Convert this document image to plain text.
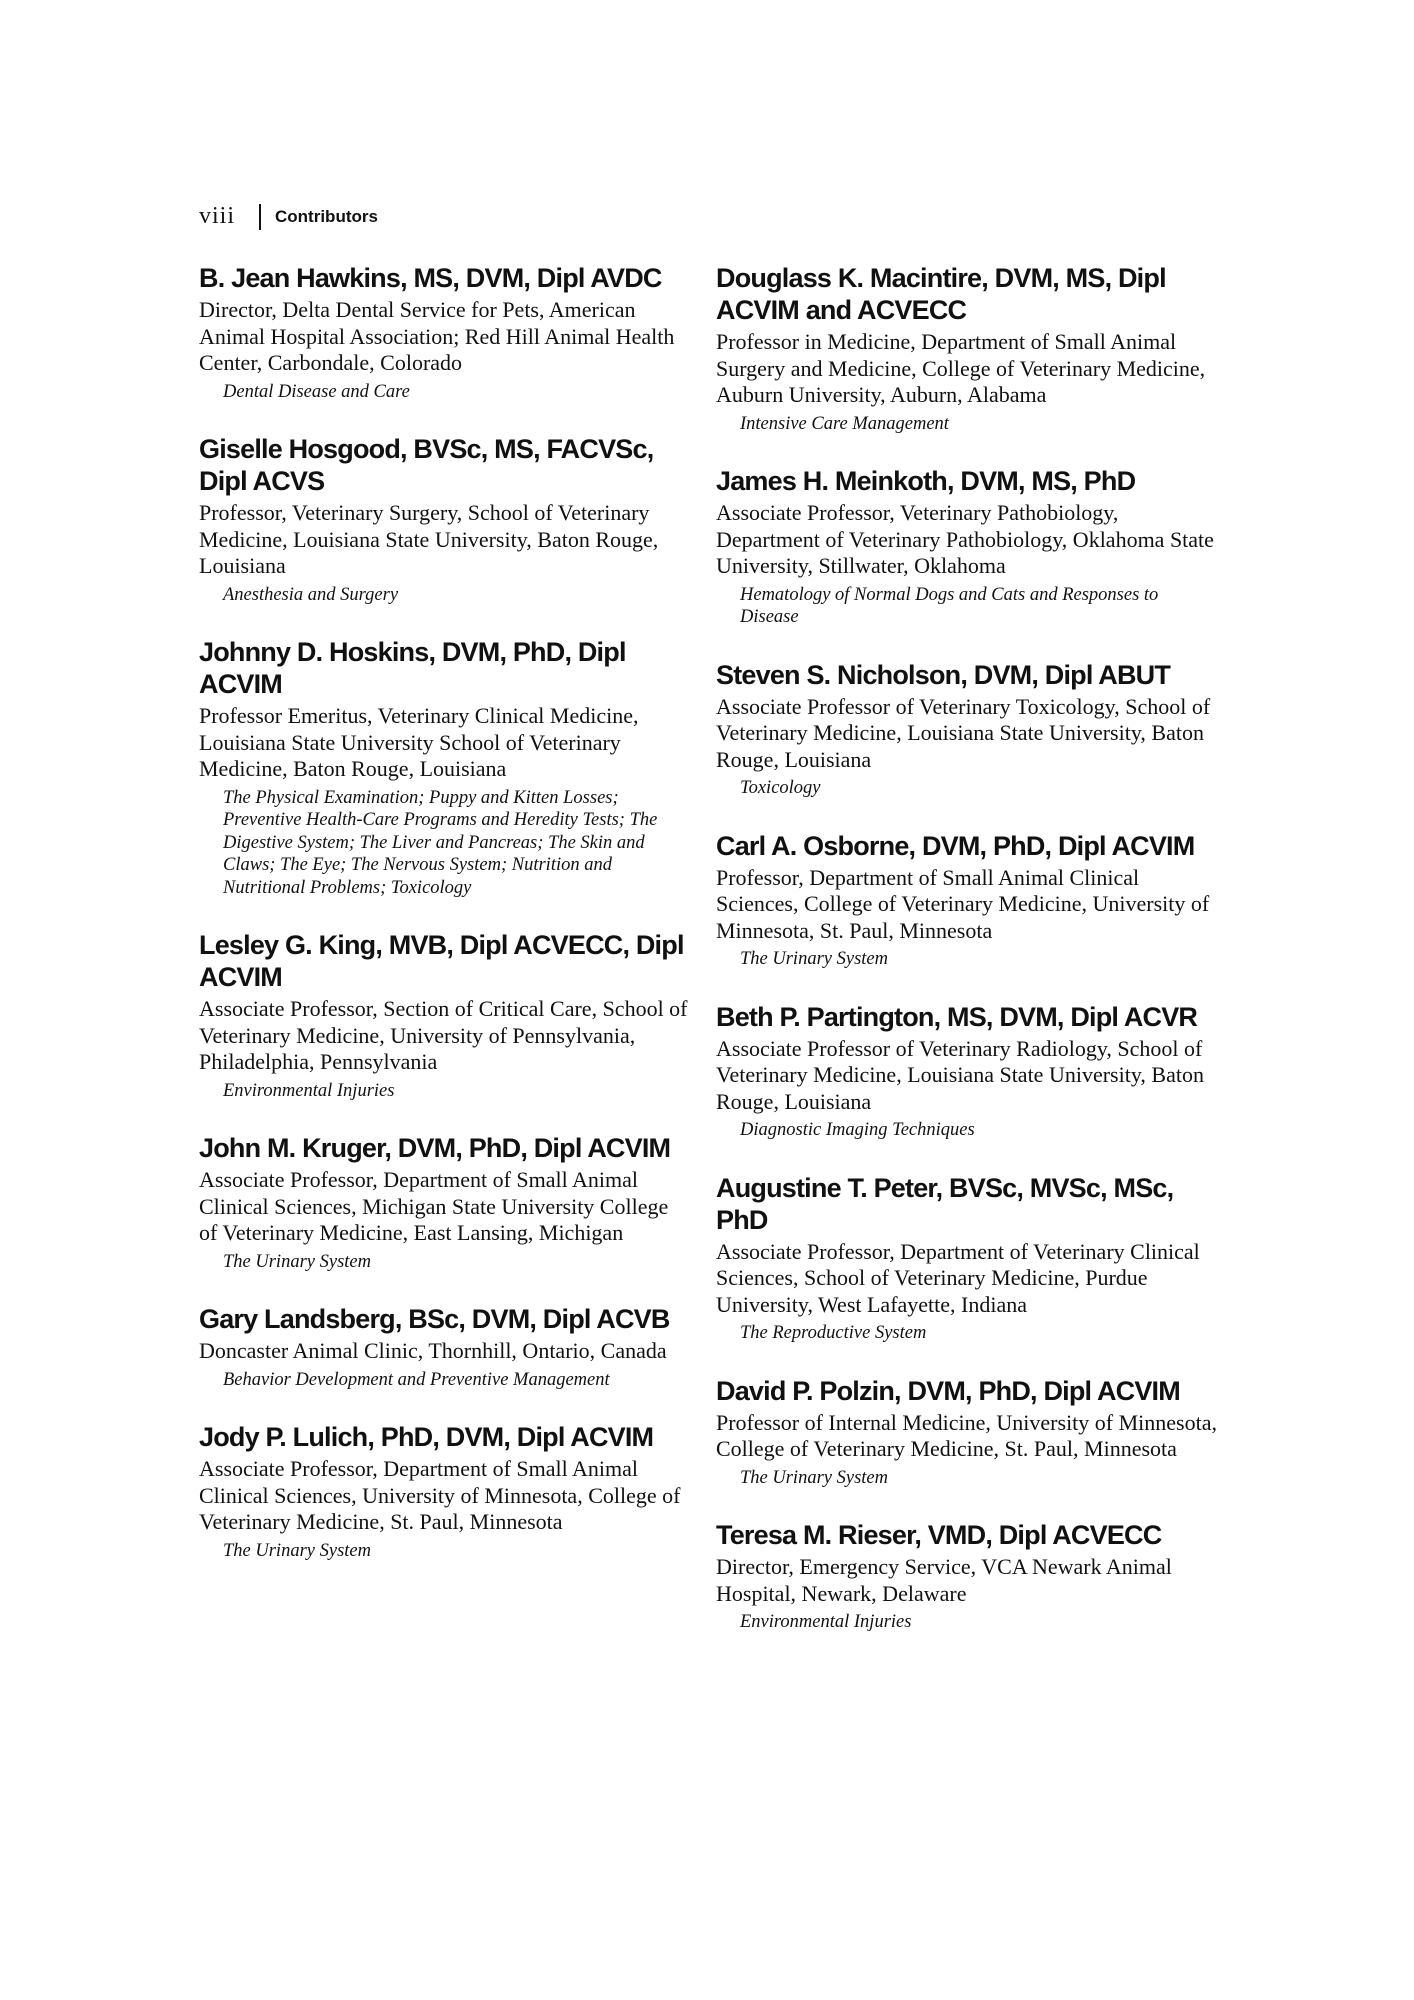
viii Contributors
B. Jean Hawkins, MS, DVM, Dipl AVDC
Director, Delta Dental Service for Pets, American Animal Hospital Association; Red Hill Animal Health Center, Carbondale, Colorado
Dental Disease and Care
Giselle Hosgood, BVSc, MS, FACVSc, Dipl ACVS
Professor, Veterinary Surgery, School of Veterinary Medicine, Louisiana State University, Baton Rouge, Louisiana
Anesthesia and Surgery
Johnny D. Hoskins, DVM, PhD, Dipl ACVIM
Professor Emeritus, Veterinary Clinical Medicine, Louisiana State University School of Veterinary Medicine, Baton Rouge, Louisiana
The Physical Examination; Puppy and Kitten Losses; Preventive Health-Care Programs and Heredity Tests; The Digestive System; The Liver and Pancreas; The Skin and Claws; The Eye; The Nervous System; Nutrition and Nutritional Problems; Toxicology
Lesley G. King, MVB, Dipl ACVECC, Dipl ACVIM
Associate Professor, Section of Critical Care, School of Veterinary Medicine, University of Pennsylvania, Philadelphia, Pennsylvania
Environmental Injuries
John M. Kruger, DVM, PhD, Dipl ACVIM
Associate Professor, Department of Small Animal Clinical Sciences, Michigan State University College of Veterinary Medicine, East Lansing, Michigan
The Urinary System
Gary Landsberg, BSc, DVM, Dipl ACVB
Doncaster Animal Clinic, Thornhill, Ontario, Canada
Behavior Development and Preventive Management
Jody P. Lulich, PhD, DVM, Dipl ACVIM
Associate Professor, Department of Small Animal Clinical Sciences, University of Minnesota, College of Veterinary Medicine, St. Paul, Minnesota
The Urinary System
Douglass K. Macintire, DVM, MS, Dipl ACVIM and ACVECC
Professor in Medicine, Department of Small Animal Surgery and Medicine, College of Veterinary Medicine, Auburn University, Auburn, Alabama
Intensive Care Management
James H. Meinkoth, DVM, MS, PhD
Associate Professor, Veterinary Pathobiology, Department of Veterinary Pathobiology, Oklahoma State University, Stillwater, Oklahoma
Hematology of Normal Dogs and Cats and Responses to Disease
Steven S. Nicholson, DVM, Dipl ABUT
Associate Professor of Veterinary Toxicology, School of Veterinary Medicine, Louisiana State University, Baton Rouge, Louisiana
Toxicology
Carl A. Osborne, DVM, PhD, Dipl ACVIM
Professor, Department of Small Animal Clinical Sciences, College of Veterinary Medicine, University of Minnesota, St. Paul, Minnesota
The Urinary System
Beth P. Partington, MS, DVM, Dipl ACVR
Associate Professor of Veterinary Radiology, School of Veterinary Medicine, Louisiana State University, Baton Rouge, Louisiana
Diagnostic Imaging Techniques
Augustine T. Peter, BVSc, MVSc, MSc, PhD
Associate Professor, Department of Veterinary Clinical Sciences, School of Veterinary Medicine, Purdue University, West Lafayette, Indiana
The Reproductive System
David P. Polzin, DVM, PhD, Dipl ACVIM
Professor of Internal Medicine, University of Minnesota, College of Veterinary Medicine, St. Paul, Minnesota
The Urinary System
Teresa M. Rieser, VMD, Dipl ACVECC
Director, Emergency Service, VCA Newark Animal Hospital, Newark, Delaware
Environmental Injuries
